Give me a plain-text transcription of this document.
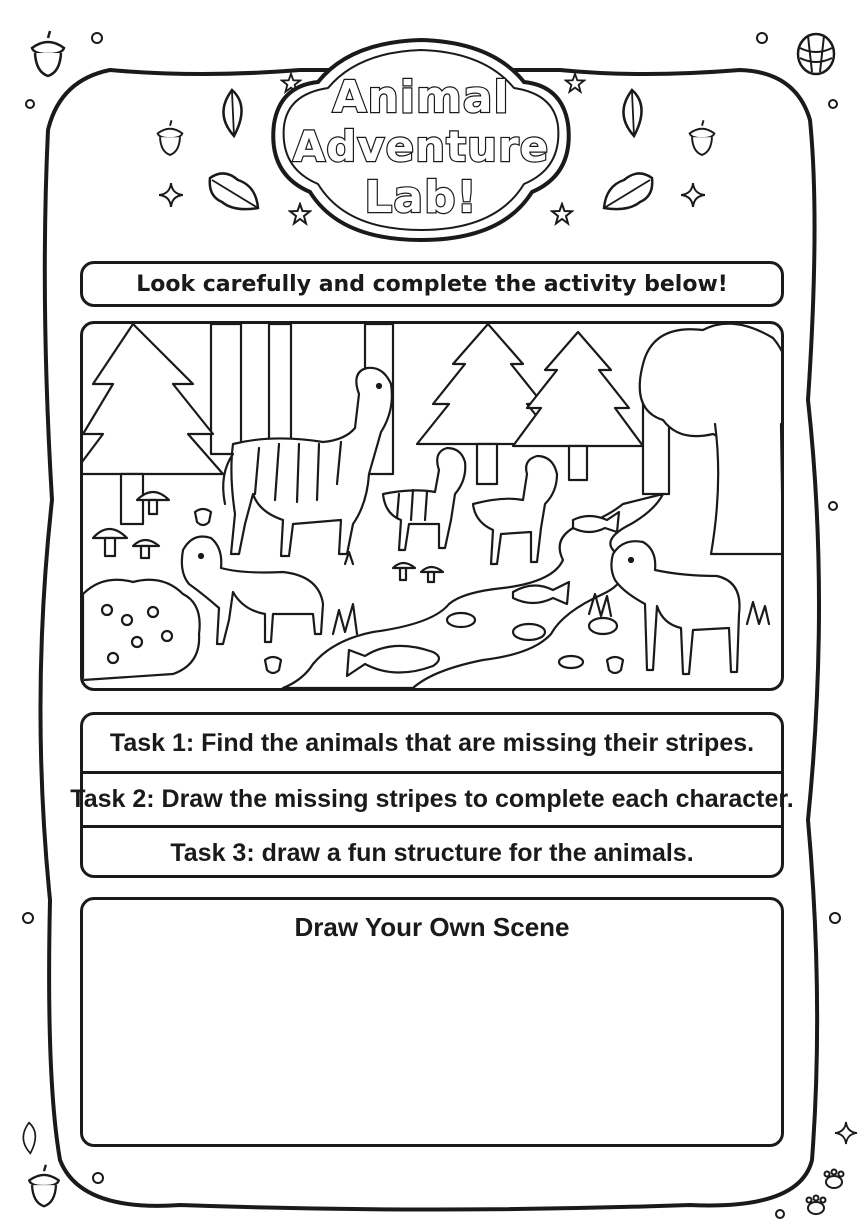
Animal
Adventure
Lab!
Look carefully and complete the activity below!
Task 1: Find the animals that are missing their stripes.
Task 2: Draw the missing stripes to complete each character.
Task 3: draw a fun structure for the animals.
Draw Your Own Scene
